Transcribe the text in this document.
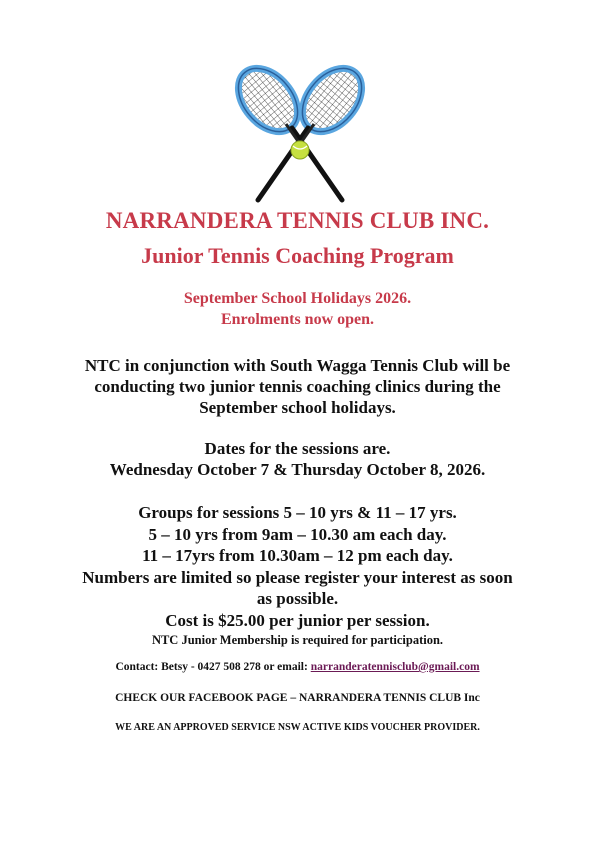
NARRANDERA TENNIS CLUB INC.
Junior Tennis Coaching Program
September School Holidays 2026.
Enrolments now open.
NTC in conjunction with South Wagga Tennis Club will be
conducting two junior tennis coaching clinics during the
September school holidays.
Dates for the sessions are.
Wednesday October 7 & Thursday October 8, 2026.
Groups for sessions 5 – 10 yrs & 11 – 17 yrs.
5 – 10 yrs from 9am – 10.30 am each day.
11 – 17yrs from 10.30am – 12 pm each day.
Numbers are limited so please register your interest as soon
as possible.
Cost is $25.00 per junior per session.
NTC Junior Membership is required for participation.
Contact: Betsy - 0427 508 278 or email: narranderatennisclub@gmail.com
CHECK OUR FACEBOOK PAGE – NARRANDERA TENNIS CLUB Inc
WE ARE AN APPROVED SERVICE NSW ACTIVE KIDS VOUCHER PROVIDER.
